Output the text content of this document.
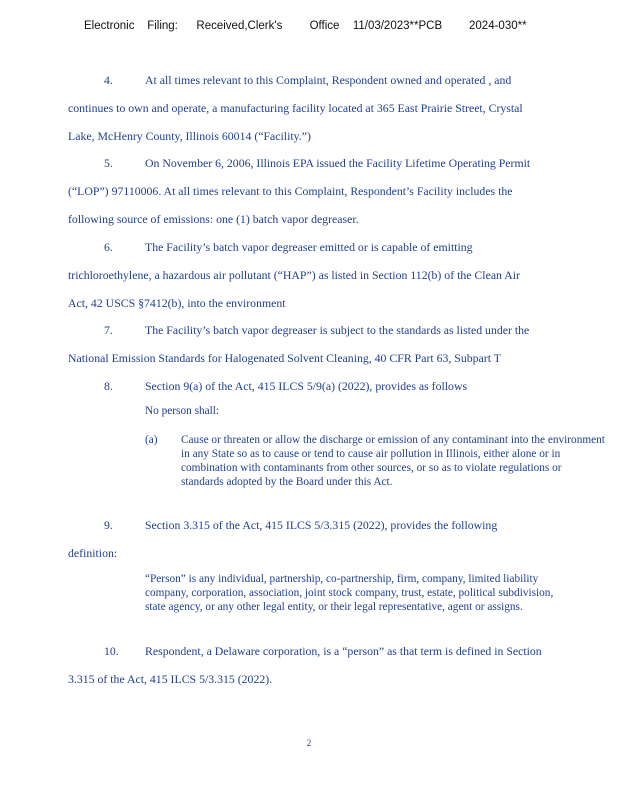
Electronic Filing: Received,Clerk's Office 11/03/2023**PCB 2024-030**

4.	At all times relevant to this Complaint, Respondent owned and operated , and

continues to own and operate, a manufacturing facility located at 365 East Prairie Street, Crystal

Lake, McHenry County, Illinois 60014 (“Facility.”)

5.	On November 6, 2006, Illinois EPA issued the Facility Lifetime Operating Permit

(“LOP”) 97110006. At all times relevant to this Complaint, Respondent’s Facility includes the

following source of emissions: one (1) batch vapor degreaser.

6.	The Facility’s batch vapor degreaser emitted or is capable of emitting

trichloroethylene, a hazardous air pollutant (“HAP”) as listed in Section 112(b) of the Clean Air

Act, 42 USCS §7412(b), into the environment

7.	The Facility’s batch vapor degreaser is subject to the standards as listed under the

National Emission Standards for Halogenated Solvent Cleaning, 40 CFR Part 63, Subpart T

8.	Section 9(a) of the Act, 415 ILCS 5/9(a) (2022), provides as follows

9.	Section 3.315 of the Act, 415 ILCS 5/3.315 (2022), provides the following

definition:

10. Respondent, a Delaware corporation, is a “person” as that term is defined in Section

3.315 of the Act, 415 ILCS 5/3.315 (2022).

No person shall:

(a) Cause or threaten or allow the discharge or emission of any contaminant into the environment in any State so as to cause or tend to cause air pollution in Illinois, either alone or in combination with contaminants from other sources, or so as to violate regulations or standards adopted by the Board under this Act.
“Person” is any individual, partnership, co-partnership, firm, company, limited liability company, corporation, association, joint stock company, trust, estate, political subdivision, state agency, or any other legal entity, or their legal representative, agent or assigns.
2
